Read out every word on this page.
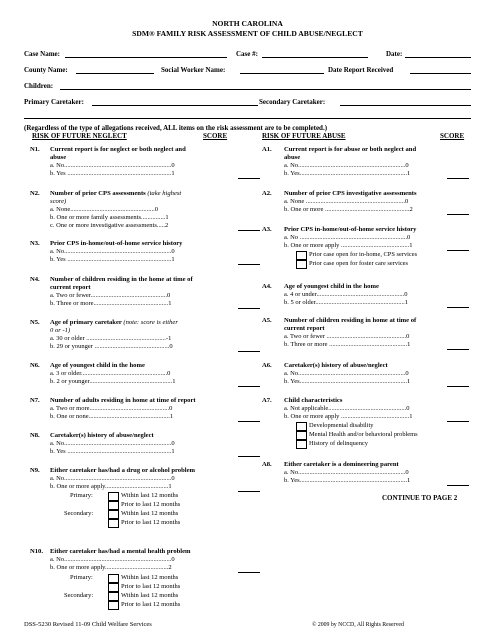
NORTH CAROLINA
SDM® FAMILY RISK ASSESSMENT OF CHILD ABUSE/NEGLECT
Case Name:	Case #:	Date:
County Name:	Social Worker Name:	Date Report Received
Children:
Primary Caretaker:	Secondary Caretaker:
(Regardless of the type of allegations received, ALL items on the risk assessment are to be completed.)
RISK OF FUTURE NEGLECT	SCORE	RISK OF FUTURE ABUSE	SCORE
N1. Current report is for neglect or both neglect and
abuse
a. No..................................................................0
b. Yes ................................................................1
N2. Number of prior CPS assessments (take highest
score)
a. None....................................................0
b. One or more family assessments...............1
c. One or more investigative assessments.....2
N3. Prior CPS in-home/out-of-home service history
a. No..................................................................0
b. Yes ................................................................1
N4. Number of children residing in the home at time of
current report
a. Two or fewer...............................................0
b. Three or more..............................................1
N5. Age of primary caretaker (note: score is either
0 or -1)
a. 30 or older .................................................-1
b. 29 or younger ..............................................0
N6. Age of youngest child in the home
a. 3 or older.....................................................0
b. 2 or younger...................................................1
N7. Number of adults residing in home at time of report
a. Two or more.................................................0
b. One or none..................................................1
N8. Caretaker(s) history of abuse/neglect
a. No..................................................................0
b. Yes ................................................................1
N9. Either caretaker has/had a drug or alcohol problem
a. No..................................................................0
b. One or more apply.......................................1
Primary:	Within last 12 months
Prior to last 12 months
Secondary:	Within last 12 months
Prior to last 12 months
N10. Either caretaker has/had a mental health problem
a. No..................................................................0
b. One or more apply.......................................2
Primary:	Within last 12 months
Prior to last 12 months
Secondary:	Within last 12 months
Prior to last 12 months
A1. Current report is for abuse or both neglect and
abuse
a. No..................................................................0
b. Yes..................................................................1
A2. Number of prior CPS investigative assessments
a. None .............................................................0
b. One or more ....................................................2
A3. Prior CPS in-home/out-of-home service history
a. No ..................................................................0
b. One or more apply ..........................................1
Prior case open for in-home, CPS services
Prior case open for foster care services
A4. Age of youngest child in the home
a. 4 or under......................................................0
b. 5 or older.......................................................1
A5. Number of children residing in home at time of
current report
a. Two or fewer .................................................0
b. Three or more ................................................1
A6. Caretaker(s) history of abuse/neglect
a. No..................................................................0
b. Yes..................................................................1
A7. Child characteristics
a. Not applicable................................................0
b. One or more apply ..........................................1
Developmental disability
Mental Health and/or behavioral problems
History of delinquency
A8. Either caretaker is a domineering parent
a. No..................................................................0
b. Yes..................................................................1
CONTINUE TO PAGE 2
DSS-5230 Revised 11-09 Child Welfare Services	© 2009 by NCCD, All Rights Reserved
